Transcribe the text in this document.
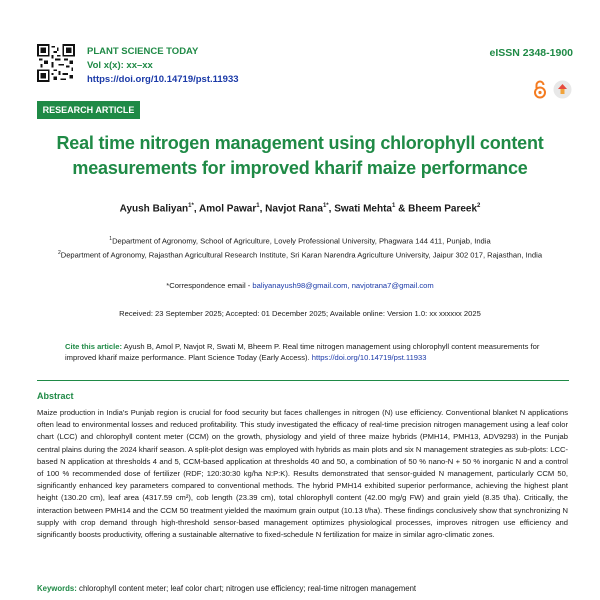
PLANT SCIENCE TODAY
Vol x(x): xx–xx
https://doi.org/10.14719/pst.11933
eISSN 2348-1900
RESEARCH ARTICLE
Real time nitrogen management using chlorophyll content
measurements for improved kharif maize performance
Ayush Baliyan$^{1*}$, Amol Pawar$^1$, Navjot Rana$^{1*}$, Swati Mehta$^1$ & Bheem Pareek$^2$
$^1$Department of Agronomy, School of Agriculture, Lovely Professional University, Phagwara 144 411, Punjab, India
$^2$Department of Agronomy, Rajasthan Agricultural Research Institute, Sri Karan Narendra Agriculture University, Jaipur 302 017, Rajasthan, India
*Correspondence email - baliyanayush98@gmail.com, navjotrana7@gmail.com
Received: 23 September 2025; Accepted: 01 December 2025; Available online: Version 1.0: xx xxxxxx 2025
Cite this article: Ayush B, Amol P, Navjot R, Swati M, Bheem P. Real time nitrogen management using chlorophyll content measurements for improved kharif maize performance. Plant Science Today (Early Access). https://doi.org/10.14719/pst.11933
Abstract
Maize production in India's Punjab region is crucial for food security but faces challenges in nitrogen (N) use efficiency. Conventional blanket N applications often lead to environmental losses and reduced profitability. This study investigated the efficacy of real-time precision nitrogen management using a leaf color chart (LCC) and chlorophyll content meter (CCM) on the growth, physiology and yield of three maize hybrids (PMH14, PMH13, ADV9293) in the Punjab central plains during the 2024 kharif season. A split-plot design was employed with hybrids as main plots and six N management strategies as sub-plots: LCC-based N application at thresholds 4 and 5, CCM-based application at thresholds 40 and 50, a combination of 50 % nano-N + 50 % inorganic N and a control of 100 % recommended dose of fertilizer (RDF; 120:30:30 kg/ha N:P:K). Results demonstrated that sensor-guided N management, particularly CCM 50, significantly enhanced key parameters compared to conventional methods. The hybrid PMH14 exhibited superior performance, achieving the highest plant height (130.20 cm), leaf area (4317.59 cm²), cob length (23.39 cm), total chlorophyll content (42.00 mg/g FW) and grain yield (8.35 t/ha). Critically, the interaction between PMH14 and the CCM 50 treatment yielded the maximum grain output (10.13 t/ha). These findings conclusively show that synchronizing N supply with crop demand through high-threshold sensor-based management optimizes physiological processes, improves nitrogen use efficiency and significantly boosts productivity, offering a sustainable alternative to fixed-schedule N fertilization for maize in similar agro-climatic zones.
Keywords: chlorophyll content meter; leaf color chart; nitrogen use efficiency; real-time nitrogen management
